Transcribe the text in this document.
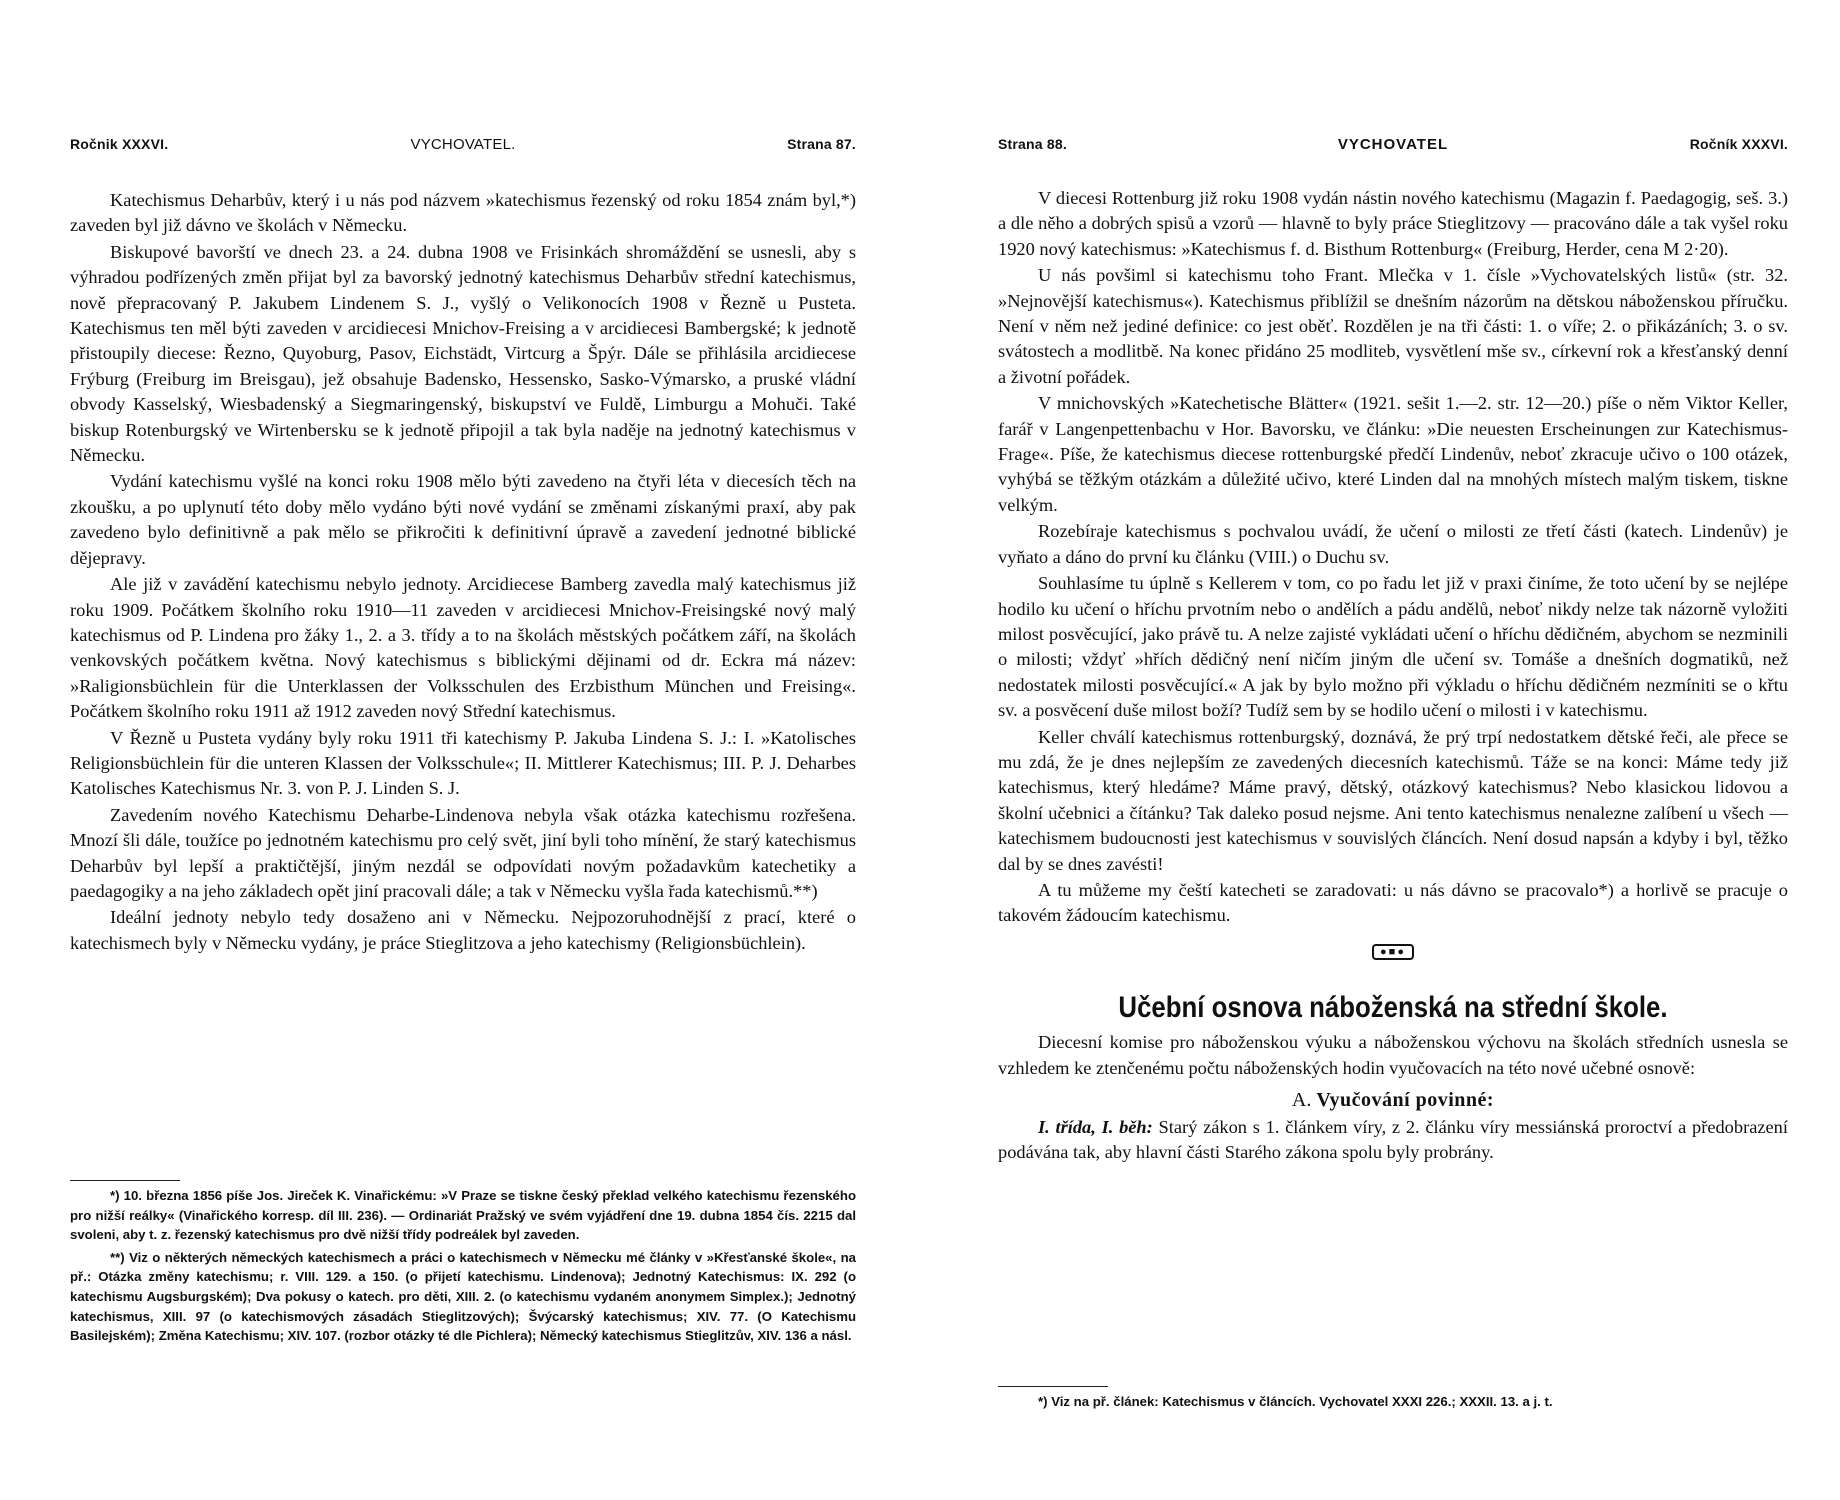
Ročnik XXXVI.	VYCHOVATEL.	Strana 87.

Katechismus Deharbův, který i u nás pod názvem »katechismus řezenský od roku 1854 znám byl,*) zaveden byl již dávno ve školách v Německu.

Biskupové bavorští ve dnech 23. a 24. dubna 1908 ve Frisinkách shromáždění se usnesli, aby s výhradou podřízených změn přijat byl za bavorský jednotný katechismus Deharbův střední katechismus, nově přepracovaný P. Jakubem Lindenem S. J., vyšlý o Velikonocích 1908 v Řezně u Pusteta. Katechismus ten měl býti zaveden v arcidiecesi Mnichov-Freising a v arcidiecesi Bambergské; k jednotě přistoupily diecese: Řezno, Quyoburg, Pasov, Eichstädt, Virtcurg a Špýr. Dále se přihlásila arcidiecese Frýburg (Freiburg im Breisgau), jež obsahuje Badensko, Hessensko, Sasko-Výmarsko, a pruské vládní obvody Kasselský, Wiesbadenský a Siegmaringenský, biskupství ve Fuldě, Limburgu a Mohuči. Také biskup Rotenburgský ve Wirtenbersku se k jednotě připojil a tak byla naděje na jednotný katechismus v Německu.

Vydání katechismu vyšlé na konci roku 1908 mělo býti zavedeno na čtyři léta v diecesích těch na zkoušku, a po uplynutí této doby mělo vydáno býti nové vydání se změnami získanými praxí, aby pak zavedeno bylo definitivně a pak mělo se přikročiti k definitivní úpravě a zavedení jednotné biblické dějepravy.

Ale již v zavádění katechismu nebylo jednoty. Arcidiecese Bamberg zavedla malý katechismus již roku 1909. Počátkem školního roku 1910—11 zaveden v arcidiecesi Mnichov-Freisingské nový malý katechismus od P. Lindena pro žáky 1., 2. a 3. třídy a to na školách městských počátkem září, na školách venkovských počátkem května. Nový katechismus s biblickými dějinami od dr. Eckra má název: »Raligionsbüchlein für die Unterklassen der Volksschulen des Erzbisthum München und Freising«. Počátkem školního roku 1911 až 1912 zaveden nový Střední katechismus.

V Řezně u Pusteta vydány byly roku 1911 tři katechismy P. Jakuba Lindena S. J.: I. »Katolisches Religionsbüchlein für die unteren Klassen der Volksschule«; II. Mittlerer Katechismus; III. P. J. Deharbes Katolisches Katechismus Nr. 3. von P. J. Linden S. J.

Zavedením nového Katechismu Deharbe-Lindenova nebyla však otázka katechismu rozřešena. Mnozí šli dále, toužíce po jednotném katechismu pro celý svět, jiní byli toho mínění, že starý katechismus Deharbův byl lepší a praktičtější, jiným nezdál se odpovídati novým požadavkům katechetiky a paedagogiky a na jeho základech opět jiní pracovali dále; a tak v Německu vyšla řada katechismů.**)

Ideální jednoty nebylo tedy dosaženo ani v Německu. Nejpozoruhodnější z prací, které o katechismech byly v Německu vydány, je práce Stieglitzova a jeho katechismy (Religionsbüchlein).

*) 10. března 1856 píše Jos. Jireček K. Vinařickému: »V Praze se tiskne český překlad velkého katechismu řezenského pro nižší reálky« (Vinařického korresp. díl III. 236). — Ordinariát Pražský ve svém vyjádření dne 19. dubna 1854 čís. 2215 dal svoleni, aby t. z. řezenský katechismus pro dvě nižší třídy podreálek byl zaveden.

**) Viz o některých německých katechismech a práci o katechismech v Německu mé články v »Křesťanské škole«, na př.: Otázka změny katechismu; r. VIII. 129. a 150. (o přijetí katechismu. Lindenova); Jednotný Katechismus: IX. 292 (o katechismu Augsburgském); Dva pokusy o katech. pro děti, XIII. 2. (o katechismu vydaném anonymem Simplex.); Jednotný katechismus, XIII. 97 (o katechismových zásadách Stieglitzových); Švýcarský katechismus; XIV. 77. (O Katechismu Basilejském); Změna Katechismu; XIV. 107. (rozbor otázky té dle Pichlera); Německý katechismus Stieglitzův, XIV. 136 a násl.

Strana 88.	VYCHOVATEL	Ročník XXXVI.

V diecesi Rottenburg již roku 1908 vydán nástin nového katechismu (Magazin f. Paedagogig, seš. 3.) a dle něho a dobrých spisů a vzorů — hlavně to byly práce Stieglitzovy — pracováno dále a tak vyšel roku 1920 nový katechismus: »Katechismus f. d. Bisthum Rottenburg« (Freiburg, Herder, cena M 2·20).

U nás povšiml si katechismu toho Frant. Mlečka v 1. čísle »Vychovatelských listů« (str. 32. »Nejnovější katechismus«). Katechismus přiblížil se dnešním názorům na dětskou náboženskou příručku. Není v něm než jediné definice: co jest oběť. Rozdělen je na tři části: 1. o víře; 2. o přikázáních; 3. o sv. svátostech a modlitbě. Na konec přidáno 25 modliteb, vysvětlení mše sv., církevní rok a křesťanský denní a životní pořádek.

V mnichovských »Katechetische Blätter« (1921. sešit 1.—2. str. 12—20.) píše o něm Viktor Keller, farář v Langenpettenbachu v Hor. Bavorsku, ve článku: »Die neuesten Erscheinungen zur Katechismus-Frage«. Píše, že katechismus diecese rottenburgské předčí Lindenův, neboť zkracuje učivo o 100 otázek, vyhýbá se těžkým otázkám a důležité učivo, které Linden dal na mnohých místech malým tiskem, tiskne velkým.

Rozebíraje katechismus s pochvalou uvádí, že učení o milosti ze třetí části (katech. Lindenův) je vyňato a dáno do první ku článku (VIII.) o Duchu sv.

Souhlasíme tu úplně s Kellerem v tom, co po řadu let již v praxi činíme, že toto učení by se nejlépe hodilo ku učení o hříchu prvotním nebo o andělích a pádu andělů, neboť nikdy nelze tak názorně vyložiti milost posvěcující, jako právě tu. A nelze zajisté vykládati učení o hříchu dědičném, abychom se nezminili o milosti; vždyť »hřích dědičný není ničím jiným dle učení sv. Tomáše a dnešních dogmatiků, než nedostatek milosti posvěcující.« A jak by bylo možno při výkladu o hříchu dědičném nezmíniti se o křtu sv. a posvěcení duše milost boží? Tudíž sem by se hodilo učení o milosti i v katechismu.

Keller chválí katechismus rottenburgský, doznává, že prý trpí nedostatkem dětské řeči, ale přece se mu zdá, že je dnes nejlepším ze zavedených diecesních katechismů. Táže se na konci: Máme tedy již katechismus, který hledáme? Máme pravý, dětský, otázkový katechismus? Nebo klasickou lidovou a školní učebnici a čítánku? Tak daleko posud nejsme. Ani tento katechismus nenalezne zalíbení u všech — katechismem budoucnosti jest katechismus v souvislých článcích. Není dosud napsán a kdyby i byl, těžko dal by se dnes zavésti!

A tu můžeme my čeští katecheti se zaradovati: u nás dávno se pracovalo*) a horlivě se pracuje o takovém žádoucím katechismu.

●■●
Učební osnova náboženská na střední škole.

Diecesní komise pro náboženskou výuku a náboženskou výchovu na školách středních usnesla se vzhledem ke ztenčenému počtu náboženských hodin vyučovacích na této nové učebné osnově:

A. Vyučování povinné:

I. třída, I. běh: Starý zákon s 1. článkem víry, z 2. článku víry messiánská proroctví a předobrazení podávána tak, aby hlavní části Starého zákona spolu byly probrány.

*) Viz na př. článek: Katechismus v článcích. Vychovatel XXXI 226.; XXXII. 13. a j. t.
